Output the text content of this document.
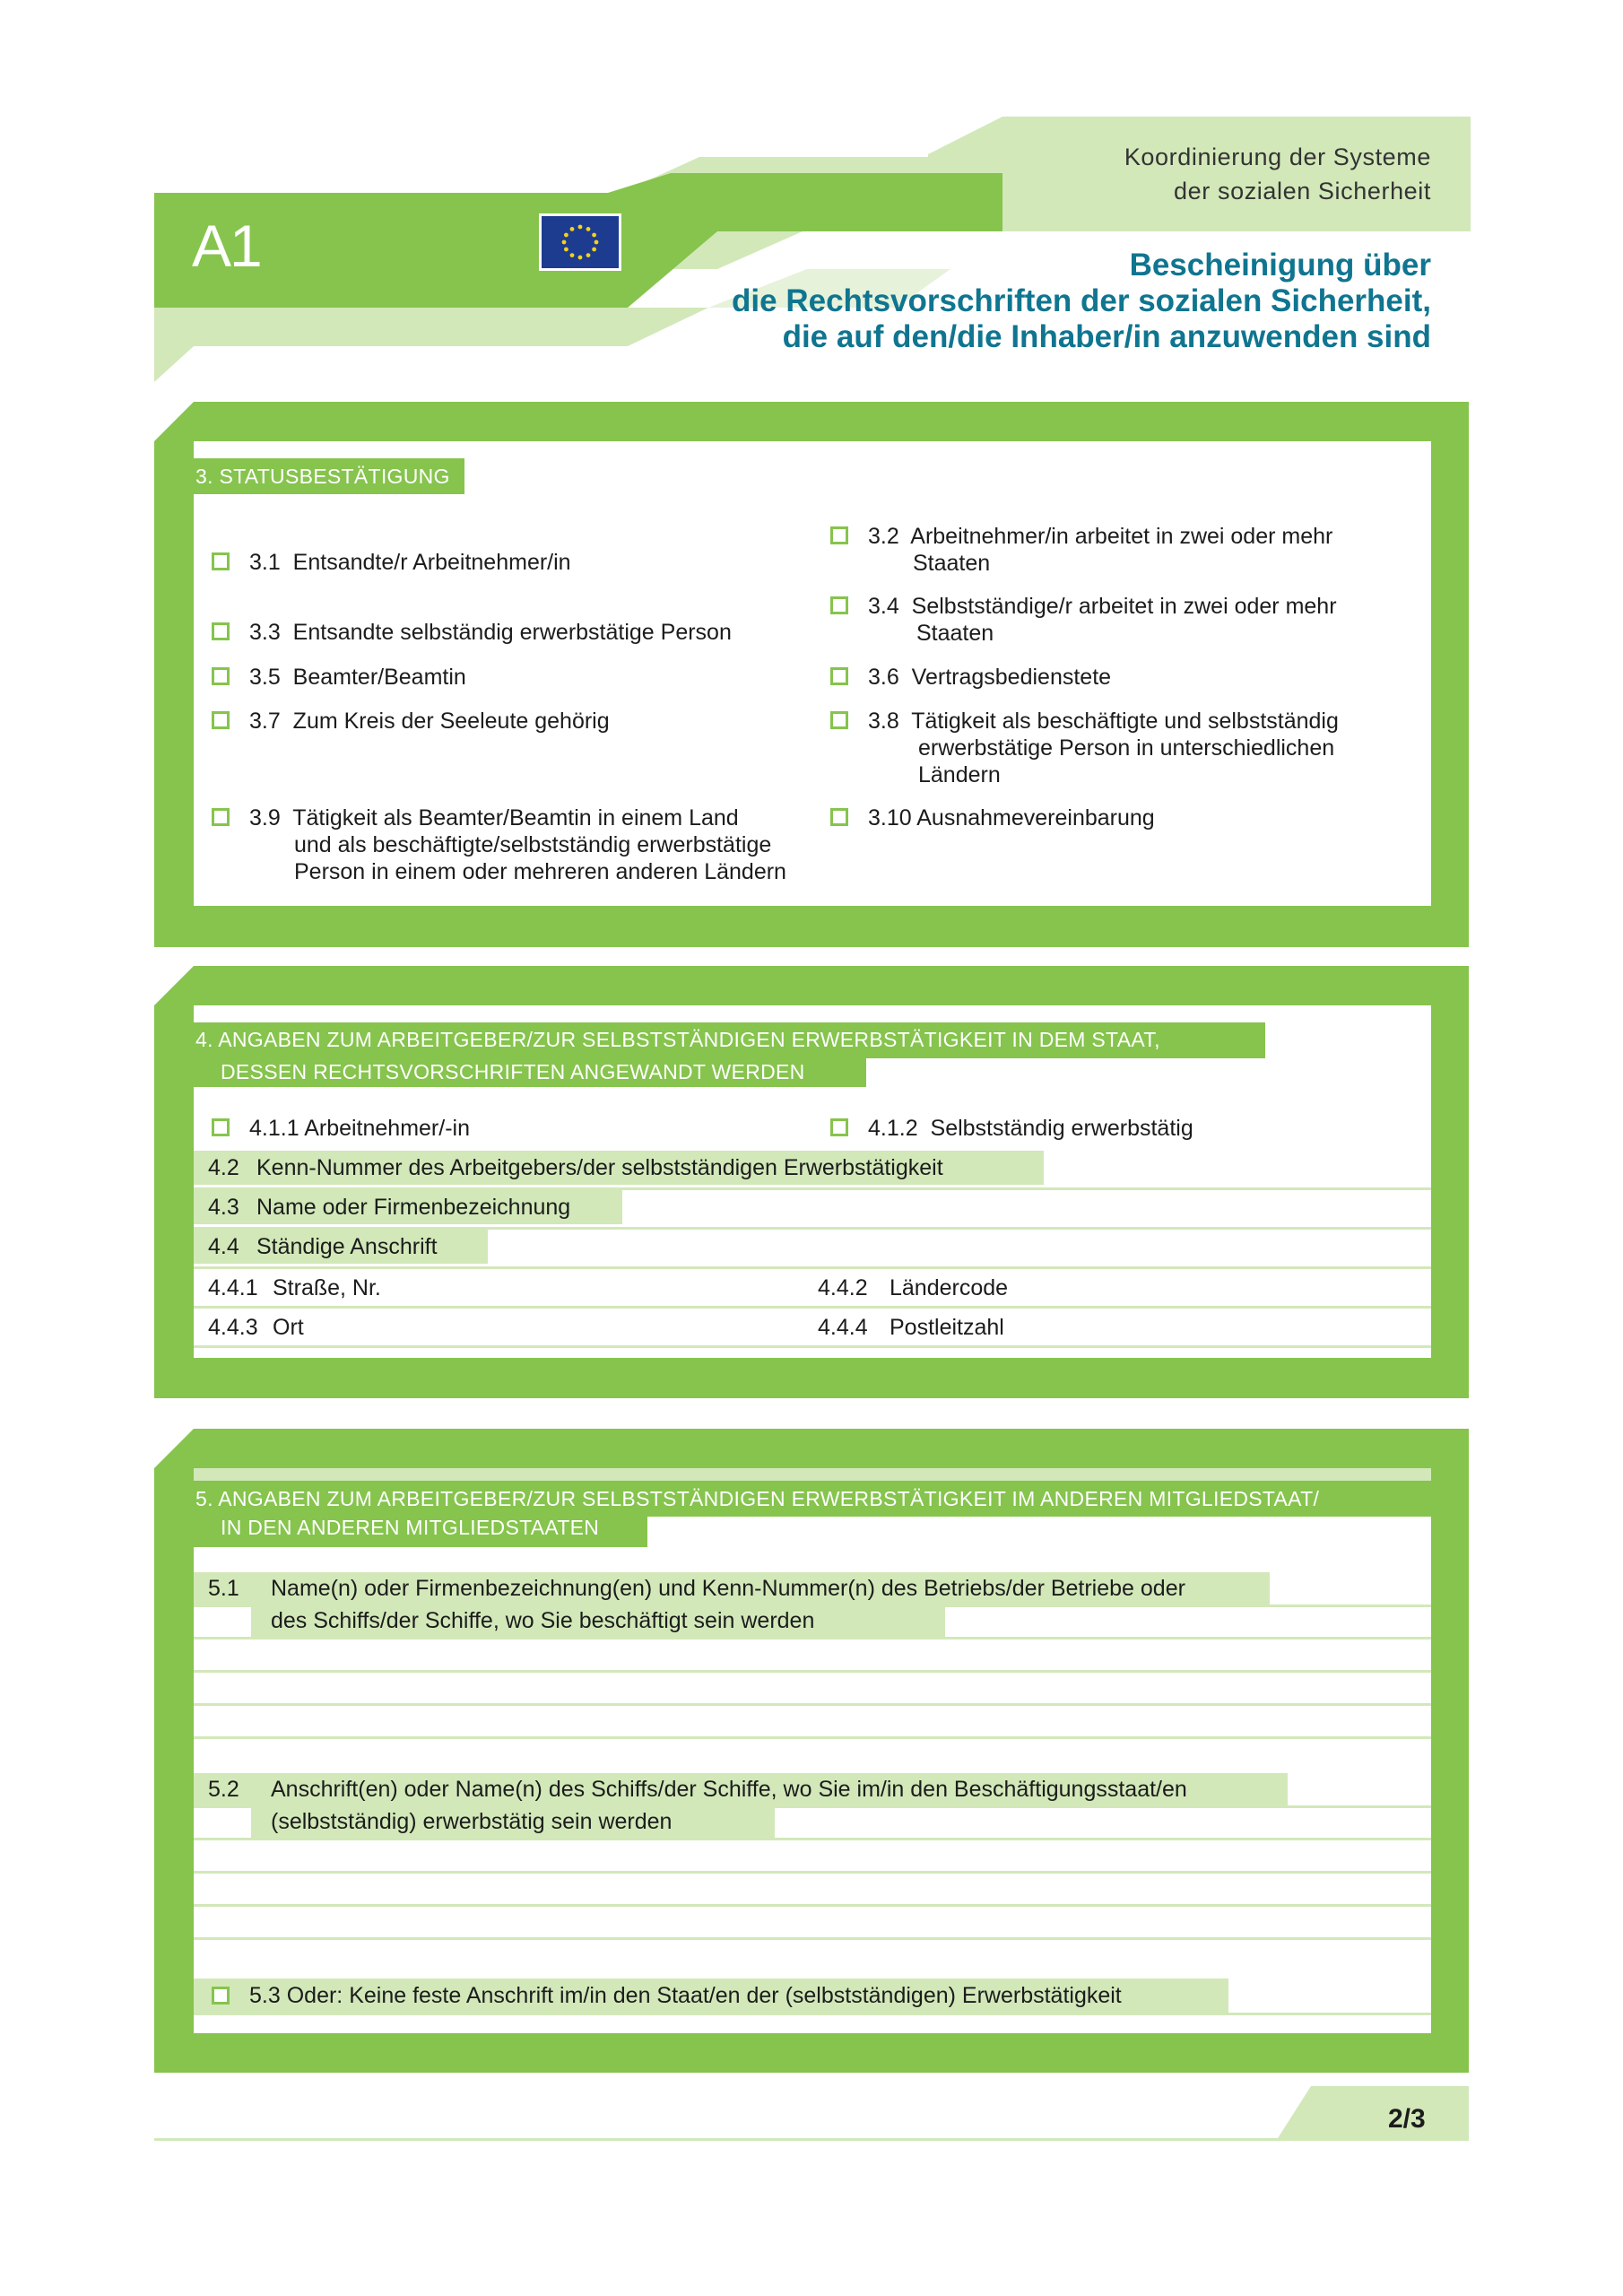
A1
Koordinierung der Systeme
der sozialen Sicherheit
Bescheinigung über
die Rechtsvorschriften der sozialen Sicherheit,
die auf den/die Inhaber/in anzuwenden sind
3. STATUSBESTÄTIGUNG
3.1 Entsandte/r Arbeitnehmer/in
3.3 Entsandte selbständig erwerbstätige Person
3.5 Beamter/Beamtin
3.7 Zum Kreis der Seeleute gehörig
3.9 Tätigkeit als Beamter/Beamtin in einem Land
und als beschäftigte/selbstständig erwerbstätige
Person in einem oder mehreren anderen Ländern
3.2 Arbeitnehmer/in arbeitet in zwei oder mehr
Staaten
3.4 Selbstständige/r arbeitet in zwei oder mehr
Staaten
3.6 Vertragsbedienstete
3.8 Tätigkeit als beschäftigte und selbstständig
erwerbstätige Person in unterschiedlichen
Ländern
3.10 Ausnahmevereinbarung
4. ANGABEN ZUM ARBEITGEBER/ZUR SELBSTSTÄNDIGEN ERWERBSTÄTIGKEIT IN DEM STAAT,
DESSEN RECHTSVORSCHRIFTEN ANGEWANDT WERDEN
4.1.1 Arbeitnehmer/-in	4.1.2 Selbstständig erwerbstätig
4.2 Kenn-Nummer des Arbeitgebers/der selbstständigen Erwerbstätigkeit
4.3 Name oder Firmenbezeichnung
4.4 Ständige Anschrift
4.4.1 Straße, Nr.	4.4.2 Ländercode
4.4.3 Ort	4.4.4 Postleitzahl
5. ANGABEN ZUM ARBEITGEBER/ZUR SELBSTSTÄNDIGEN ERWERBSTÄTIGKEIT IM ANDEREN MITGLIEDSTAAT/
IN DEN ANDEREN MITGLIEDSTAATEN
5.1 Name(n) oder Firmenbezeichnung(en) und Kenn-Nummer(n) des Betriebs/der Betriebe oder
des Schiffs/der Schiffe, wo Sie beschäftigt sein werden
5.2 Anschrift(en) oder Name(n) des Schiffs/der Schiffe, wo Sie im/in den Beschäftigungsstaat/en
(selbstständig) erwerbstätig sein werden
5.3 Oder: Keine feste Anschrift im/in den Staat/en der (selbstständigen) Erwerbstätigkeit
2/3
